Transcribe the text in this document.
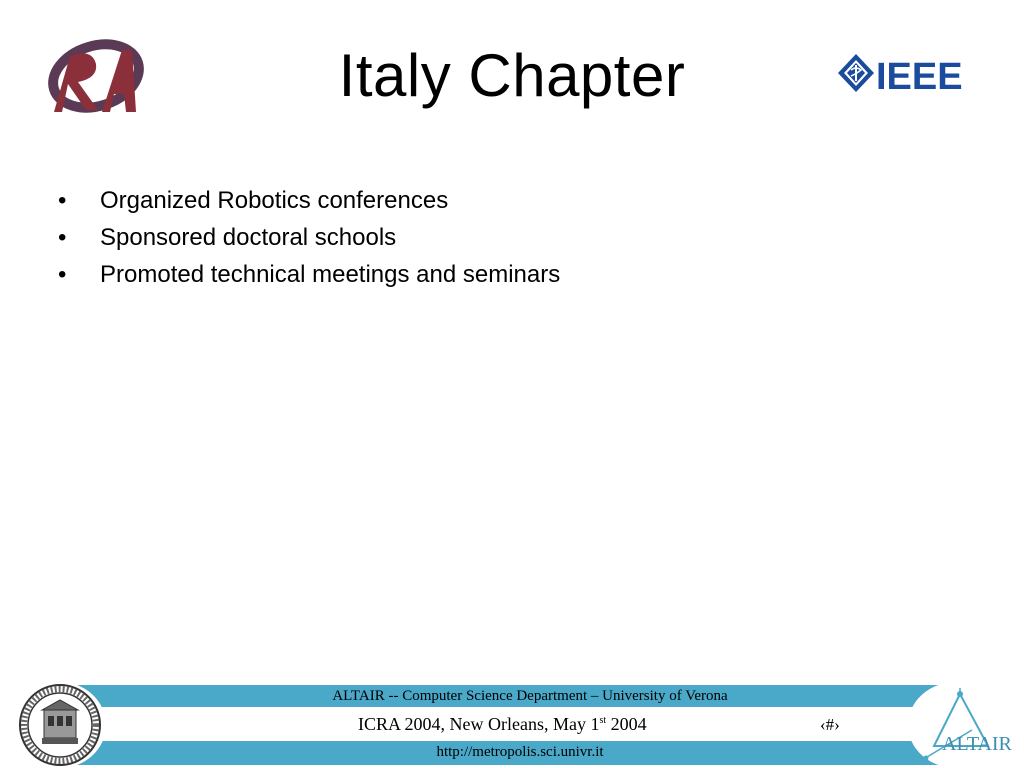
Italy Chapter	IEEE
• Organized Robotics conferences
• Sponsored doctoral schools
• Promoted technical meetings and seminars
ALTAIR -- Computer Science Department – University of Verona
ICRA 2004, New Orleans, May 1st 2004	‹#›
http://metropolis.sci.univr.it	ALTAIR
